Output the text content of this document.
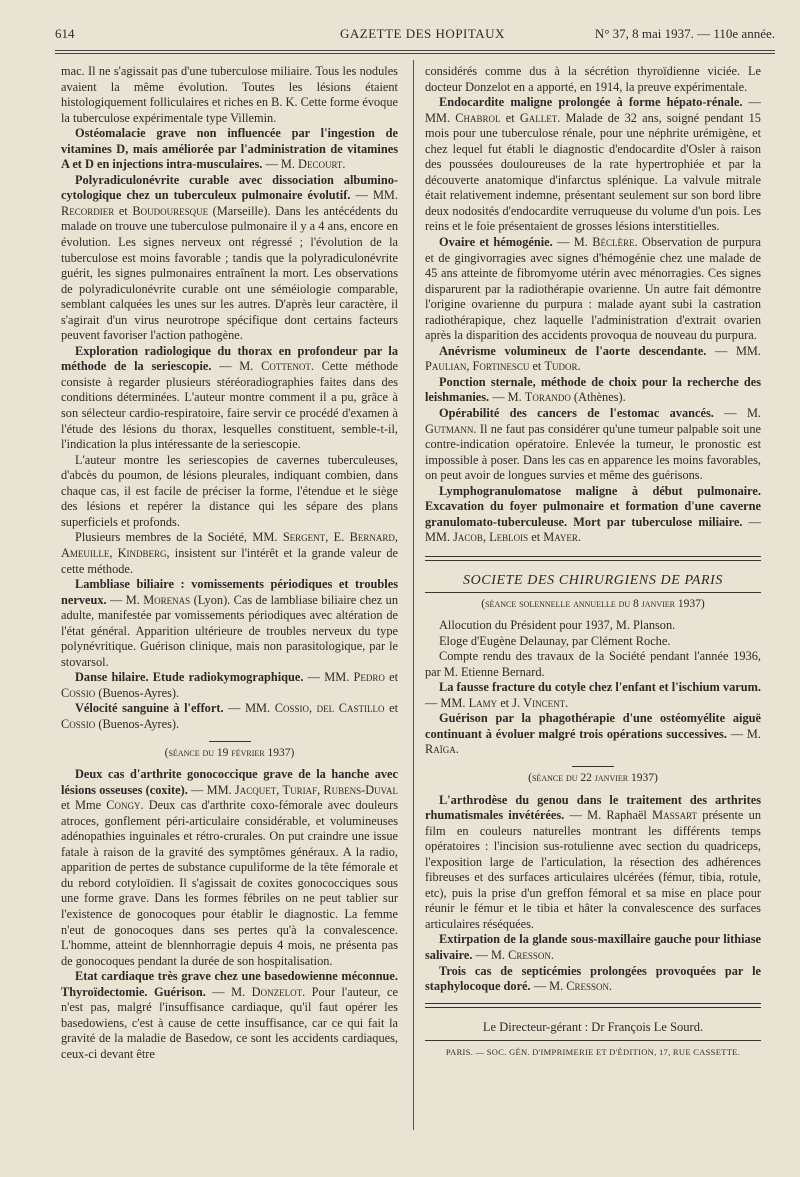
614	GAZETTE DES HOPITAUX	N° 37, 8 mai 1937. — 110e année.

mac. Il ne s'agissait pas d'une tuberculose miliaire. Tous les nodules avaient la même évolution. Toutes les lésions étaient histologiquement folliculaires et riches en B. K. Cette forme évoque la tuberculose expérimentale type Villemin.

Ostéomalacie grave non influencée par l'ingestion de vitamines D, mais améliorée par l'administration de vitamines A et D en injections intra-musculaires. — M. Decourt.

Polyradiculonévrite curable avec dissociation albumino-cytologique chez un tuberculeux pulmonaire évolutif. — MM. Recordier et Boudouresque (Marseille). Dans les antécédents du malade on trouve une tuberculose pulmonaire il y a 4 ans, encore en évolution. Les signes nerveux ont régressé ; l'évolution de la tuberculose est moins favorable ; tandis que la polyradiculonévrite guérit, les signes pulmonaires entraînent la mort. Les observations de polyradiculonévrite curable ont une séméiologie comparable, semblant calquées les unes sur les autres. D'après leur caractère, il s'agirait d'un virus neurotrope spécifique dont certains facteurs peuvent favoriser l'action pathogène.

Exploration radiologique du thorax en profondeur par la méthode de la seriescopie. — M. Cottenot. Cette méthode consiste à regarder plusieurs stéréoradiographies faites dans des conditions déterminées. L'auteur montre comment il a pu, grâce à son sélecteur cardio-respiratoire, faire servir ce procédé d'examen à l'étude des lésions du thorax, lesquelles constituent, semble-t-il, l'indication la plus intéressante de la seriescopie.

L'auteur montre les seriescopies de cavernes tuberculeuses, d'abcès du poumon, de lésions pleurales, indiquant combien, dans chaque cas, il est facile de préciser la forme, l'étendue et le siège des lésions et repérer la distance qui les sépare des plans superficiels et profonds.

Plusieurs membres de la Société, MM. Sergent, E. Bernard, Ameuille, Kindberg, insistent sur l'intérêt et la grande valeur de cette méthode.

Lambliase biliaire : vomissements périodiques et troubles nerveux. — M. Morenas (Lyon). Cas de lambliase biliaire chez un adulte, manifestée par vomissements périodiques avec altération de l'état général. Apparition ultérieure de troubles nerveux du type polynévritique. Guérison clinique, mais non parasitologique, par le stovarsol.

Danse hilaire. Etude radiokymographique. — MM. Pedro et Cossio (Buenos-Ayres).

Vélocité sanguine à l'effort. — MM. Cossio, del Castillo et Cossio (Buenos-Ayres).

(séance du 19 février 1937)

Deux cas d'arthrite gonococcique grave de la hanche avec lésions osseuses (coxite). — MM. Jacquet, Turiaf, Rubens-Duval et Mme Congy. Deux cas d'arthrite coxo-fémorale avec douleurs atroces, gonflement péri-articulaire considérable, et volumineuses adénopathies inguinales et rétro-crurales. On put craindre une issue fatale à raison de la gravité des symptômes généraux. A la radio, apparition de pertes de substance cupuliforme de la tête fémorale et du rebord cotyloïdien. Il s'agissait de coxites gonococciques sous une forme grave. Dans les formes fébriles on ne peut tablier sur l'existence de gonocoques pour établir le diagnostic. La femme n'eut de gonocoques dans ses pertes qu'à la convalescence. L'homme, atteint de blennhorragie depuis 4 mois, ne présenta pas de gonocoques pendant la durée de son hospitalisation.

Etat cardiaque très grave chez une basedowienne méconnue. Thyroïdectomie. Guérison. — M. Donzelot. Pour l'auteur, ce n'est pas, malgré l'insuffisance cardiaque, qu'il faut opérer les basedowiens, c'est à cause de cette insuffisance, car ce qui fait la gravité de la maladie de Basedow, ce sont les accidents cardiaques, ceux-ci devant être

considérés comme dus à la sécrétion thyroïdienne viciée. Le docteur Donzelot en a apporté, en 1914, la preuve expérimentale.

Endocardite maligne prolongée à forme hépato-rénale. — MM. Chabrol et Gallet. Malade de 32 ans, soigné pendant 15 mois pour une tuberculose rénale, pour une néphrite urémigène, et chez lequel fut établi le diagnostic d'endocardite d'Osler à raison des poussées douloureuses de la rate hypertrophiée et par la découverte anatomique d'infarctus splénique. La valvule mitrale était relativement indemne, présentant seulement sur son bord libre deux nodosités d'endocardite verruqueuse du volume d'un pois. Les reins et le foie présentaient de grosses lésions interstitielles.

Ovaire et hémogénie. — M. Béclère. Observation de purpura et de gingivorragies avec signes d'hémogénie chez une malade de 45 ans atteinte de fibromyome utérin avec ménorragies. Ces signes disparurent par la radiothérapie ovarienne. Un autre fait démontre l'origine ovarienne du purpura : malade ayant subi la castration radiothérapique, chez laquelle l'administration d'extrait ovarien après la disparition des accidents provoqua de nouveau du purpura.

Anévrisme volumineux de l'aorte descendante. — MM. Paulian, Fortinescu et Tudor.

Ponction sternale, méthode de choix pour la recherche des leishmanies. — M. Torando (Athènes).

Opérabilité des cancers de l'estomac avancés. — M. Gutmann. Il ne faut pas considérer qu'une tumeur palpable soit une contre-indication opératoire. Enlevée la tumeur, le pronostic est impossible à poser. Dans les cas en apparence les moins favorables, on peut avoir de longues survies et même des guérisons.

Lymphogranulomatose maligne à début pulmonaire. Excavation du foyer pulmonaire et formation d'une caverne granulomato-tuberculeuse. Mort par tuberculose miliaire. — MM. Jacob, Leblois et Mayer.

SOCIETE DES CHIRURGIENS DE PARIS

(séance solennelle annuelle du 8 janvier 1937)

Allocution du Président pour 1937, M. Planson.

Eloge d'Eugène Delaunay, par Clément Roche.

Compte rendu des travaux de la Société pendant l'année 1936, par M. Etienne Bernard.

La fausse fracture du cotyle chez l'enfant et l'ischium varum. — MM. Lamy et J. Vincent.

Guérison par la phagothérapie d'une ostéomyélite aiguë continuant à évoluer malgré trois opérations successives. — M. Raïga.

(séance du 22 janvier 1937)

L'arthrodèse du genou dans le traitement des arthrites rhumatismales invétérées. — M. Raphaël Massart présente un film en couleurs naturelles montrant les différents temps opératoires : l'incision sus-rotulienne avec section du quadriceps, l'exposition large de l'articulation, la résection des adhérences fibreuses et des surfaces articulaires ulcérées (fémur, tibia, rotule, etc), puis la prise d'un greffon fémoral et sa mise en place pour réunir le fémur et le tibia et hâter la convalescence des surfaces articulaires réséquées.

Extirpation de la glande sous-maxillaire gauche pour lithiase salivaire. — M. Cresson.

Trois cas de septicémies prolongées provoquées par le staphylocoque doré. — M. Cresson.

Le Directeur-gérant : Dr François Le Sourd.

PARIS. — SOC. GÉN. D'IMPRIMERIE ET D'ÉDITION, 17, RUE CASSETTE.
